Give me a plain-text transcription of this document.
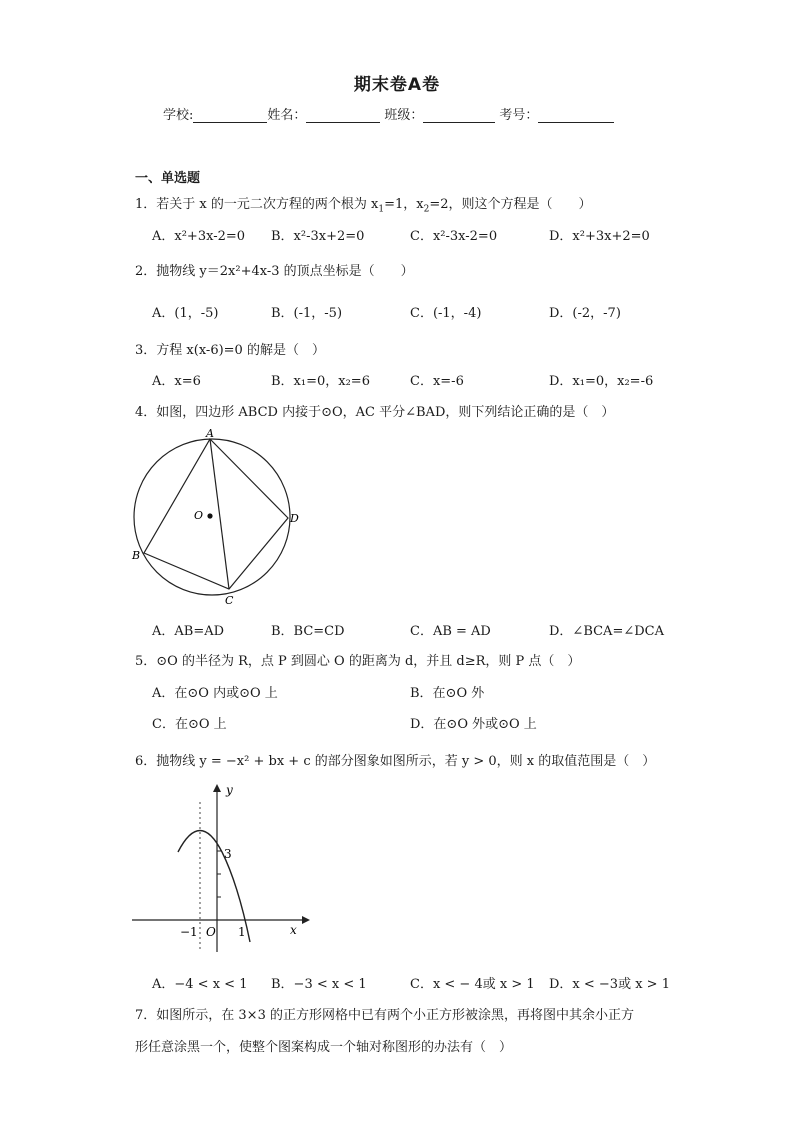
期末卷A卷
学校:	姓名：	班级：	考号：
一、单选题
1．若关于 x 的一元二次方程的两个根为 $x_1=1$，$x_2=2$，则这个方程是（　　）
A．x²+3x-2=0 B．x²-3x+2=0	C．x²-3x-2=0	D．x²+3x+2=0
2．抛物线 y＝2x²+4x-3 的顶点坐标是（　　）
A．(1，-5)	B．(-1，-5)	C．(-1，-4)	D．(-2，-7)
3．方程 x(x-6)=0 的解是（　）
A．x=6	B．x₁=0，x₂=6	C．x=-6	D．x₁=0，x₂=-6
4．如图，四边形 ABCD 内接于⊙O，AC 平分∠BAD，则下列结论正确的是（　）
A
O	D
B
C
A．AB=AD	B．BC=CD	C．AB = AD	D．∠BCA=∠DCA
5．⊙O 的半径为 R，点 P 到圆心 O 的距离为 d，并且 d≥R，则 P 点（　）
A．在⊙O 内或⊙O 上	B．在⊙O 外
C．在⊙O 上	D．在⊙O 外或⊙O 上
6．抛物线 y = −x² + bx + c 的部分图象如图所示，若 y > 0，则 x 的取值范围是（　）
y
x
3
−1 O 1
A．−4 < x < 1 B．−3 < x < 1	C．x < − 4或 x > 1 D．x < −3或 x > 1
7．如图所示，在 3×3 的正方形网格中已有两个小正方形被涂黑，再将图中其余小正方
形任意涂黑一个，使整个图案构成一个轴对称图形的办法有（　）
